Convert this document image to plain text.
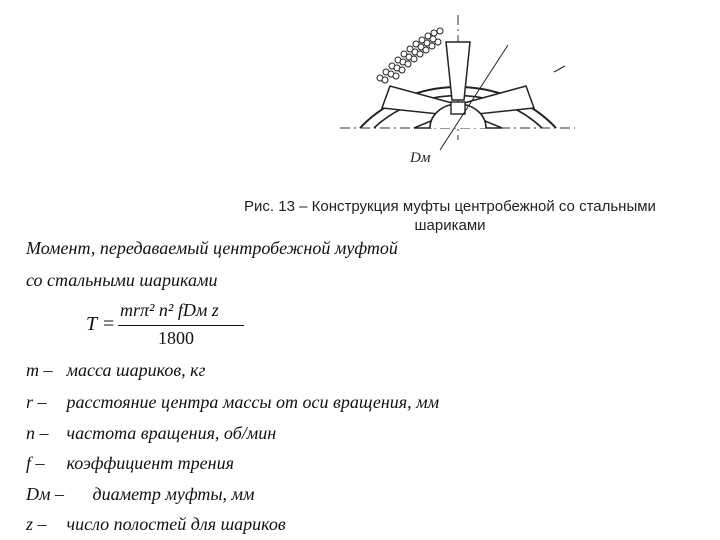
Dм
Рис. 13 – Конструкция муфты центробежной со стальными
шариками
Момент, передаваемый центробежной муфтой
со стальными шариками
T =
mrπ² n² fDм z
1800
m – масса шариков, кг
r – расстояние центра массы от оси вращения, мм
n – частота вращения, об/мин
f – коэффициент трения
Dм – диаметр муфты, мм
z – число полостей для шариков
